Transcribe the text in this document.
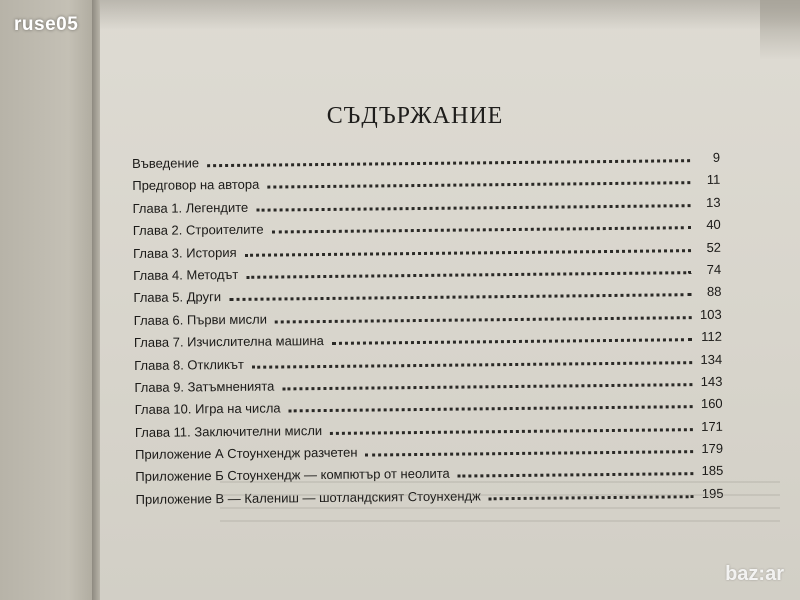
ruse05
СЪДЪРЖАНИЕ
Въведение	9
Предговор на автора	11
Глава 1. Легендите	13
Глава 2. Строителите	40
Глава 3. История	52
Глава 4. Методът	74
Глава 5. Други	88
Глава 6. Първи мисли	103
Глава 7. Изчислителна машина	112
Глава 8. Откликът	134
Глава 9. Затъмненията	143
Глава 10. Игра на числа	160
Глава 11. Заключителни мисли	171
Приложение А Стоунхендж разчетен	179
Приложение Б Стоунхендж — компютър от неолита	185
Приложение В — Калениш — шотландският Стоунхендж	195
baz:ar
